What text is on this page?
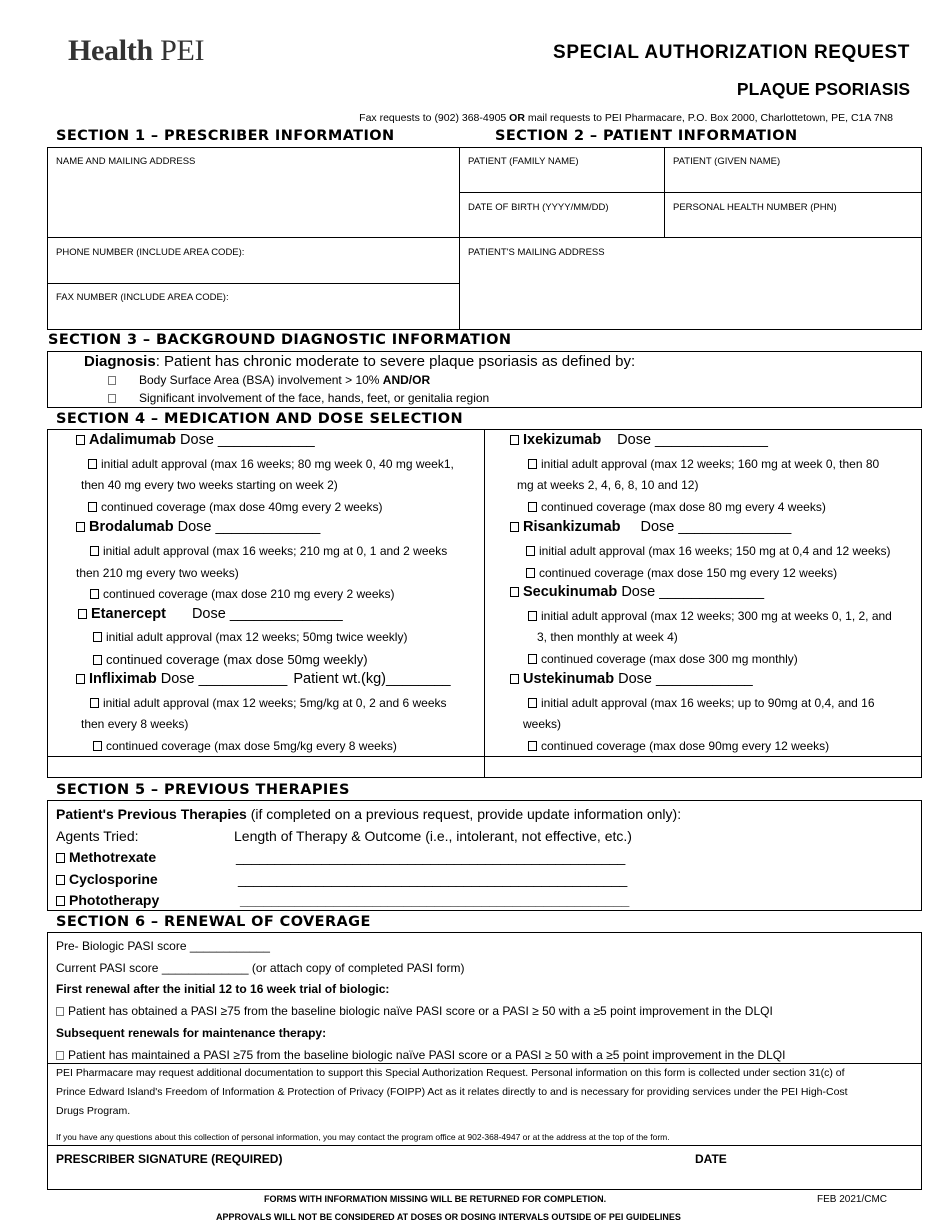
Health PEI	SPECIAL AUTHORIZATION REQUEST
PLAQUE PSORIASIS
Fax requests to (902) 368-4905 OR mail requests to PEI Pharmacare, P.O. Box 2000, Charlottetown, PE, C1A 7N8
SECTION 1 – PRESCRIBER INFORMATION	SECTION 2 – PATIENT INFORMATION
NAME AND MAILING ADDRESS
PHONE NUMBER (INCLUDE AREA CODE):
FAX NUMBER (INCLUDE AREA CODE):
PATIENT (FAMILY NAME)	PATIENT (GIVEN NAME)
DATE OF BIRTH (YYYY/MM/DD)	PERSONAL HEALTH NUMBER (PHN)
PATIENT'S MAILING ADDRESS
SECTION 3 – BACKGROUND DIAGNOSTIC INFORMATION
Diagnosis: Patient has chronic moderate to severe plaque psoriasis as defined by:
Body Surface Area (BSA) involvement > 10% AND/OR
Significant involvement of the face, hands, feet, or genitalia region
SECTION 4 – MEDICATION AND DOSE SELECTION
Adalimumab Dose ____________
initial adult approval (max 16 weeks; 80 mg week 0, 40 mg week1,
then 40 mg every two weeks starting on week 2)
continued coverage (max dose 40mg every 2 weeks)
Brodalumab Dose _____________
initial adult approval (max 16 weeks; 210 mg at 0, 1 and 2 weeks
then 210 mg every two weeks)
continued coverage (max dose 210 mg every 2 weeks)
Etanercept Dose ______________
initial adult approval (max 12 weeks; 50mg twice weekly)
continued coverage (max dose 50mg weekly)
Infliximab Dose ___________ Patient wt.(kg)________
initial adult approval (max 12 weeks; 5mg/kg at 0, 2 and 6 weeks
then every 8 weeks)
continued coverage (max dose 5mg/kg every 8 weeks)
Ixekizumab Dose ______________
initial adult approval (max 12 weeks; 160 mg at week 0, then 80
mg at weeks 2, 4, 6, 8, 10 and 12)
continued coverage (max dose 80 mg every 4 weeks)
Risankizumab Dose ______________
initial adult approval (max 16 weeks; 150 mg at 0,4 and 12 weeks)
continued coverage (max dose 150 mg every 12 weeks)
Secukinumab Dose _____________
initial adult approval (max 12 weeks; 300 mg at weeks 0, 1, 2, and
3, then monthly at week 4)
continued coverage (max dose 300 mg monthly)
Ustekinumab Dose ____________
initial adult approval (max 16 weeks; up to 90mg at 0,4, and 16
weeks)
continued coverage (max dose 90mg every 12 weeks)
SECTION 5 – PREVIOUS THERAPIES
Patient's Previous Therapies (if completed on a previous request, provide update information only):
Agents Tried:	Length of Therapy & Outcome (i.e., intolerant, not effective, etc.)
Methotrexate	__________________________________________________
Cyclosporine	__________________________________________________
Phototherapy	__________________________________________________
SECTION 6 – RENEWAL OF COVERAGE
Pre- Biologic PASI score ____________
Current PASI score _____________ (or attach copy of completed PASI form)
First renewal after the initial 12 to 16 week trial of biologic:
Patient has obtained a PASI ≥75 from the baseline biologic naïve PASI score or a PASI ≥ 50 with a ≥5 point improvement in the DLQI
Subsequent renewals for maintenance therapy:
Patient has maintained a PASI ≥75 from the baseline biologic naïve PASI score or a PASI ≥ 50 with a ≥5 point improvement in the DLQI
PEI Pharmacare may request additional documentation to support this Special Authorization Request. Personal information on this form is collected under section 31(c) of
Prince Edward Island's Freedom of Information & Protection of Privacy (FOIPP) Act as it relates directly to and is necessary for providing services under the PEI High-Cost
Drugs Program.
If you have any questions about this collection of personal information, you may contact the program office at 902-368-4947 or at the address at the top of the form.
PRESCRIBER SIGNATURE (REQUIRED)	DATE
FORMS WITH INFORMATION MISSING WILL BE RETURNED FOR COMPLETION.
APPROVALS WILL NOT BE CONSIDERED AT DOSES OR DOSING INTERVALS OUTSIDE OF PEI GUIDELINES
FEB 2021/CMC
